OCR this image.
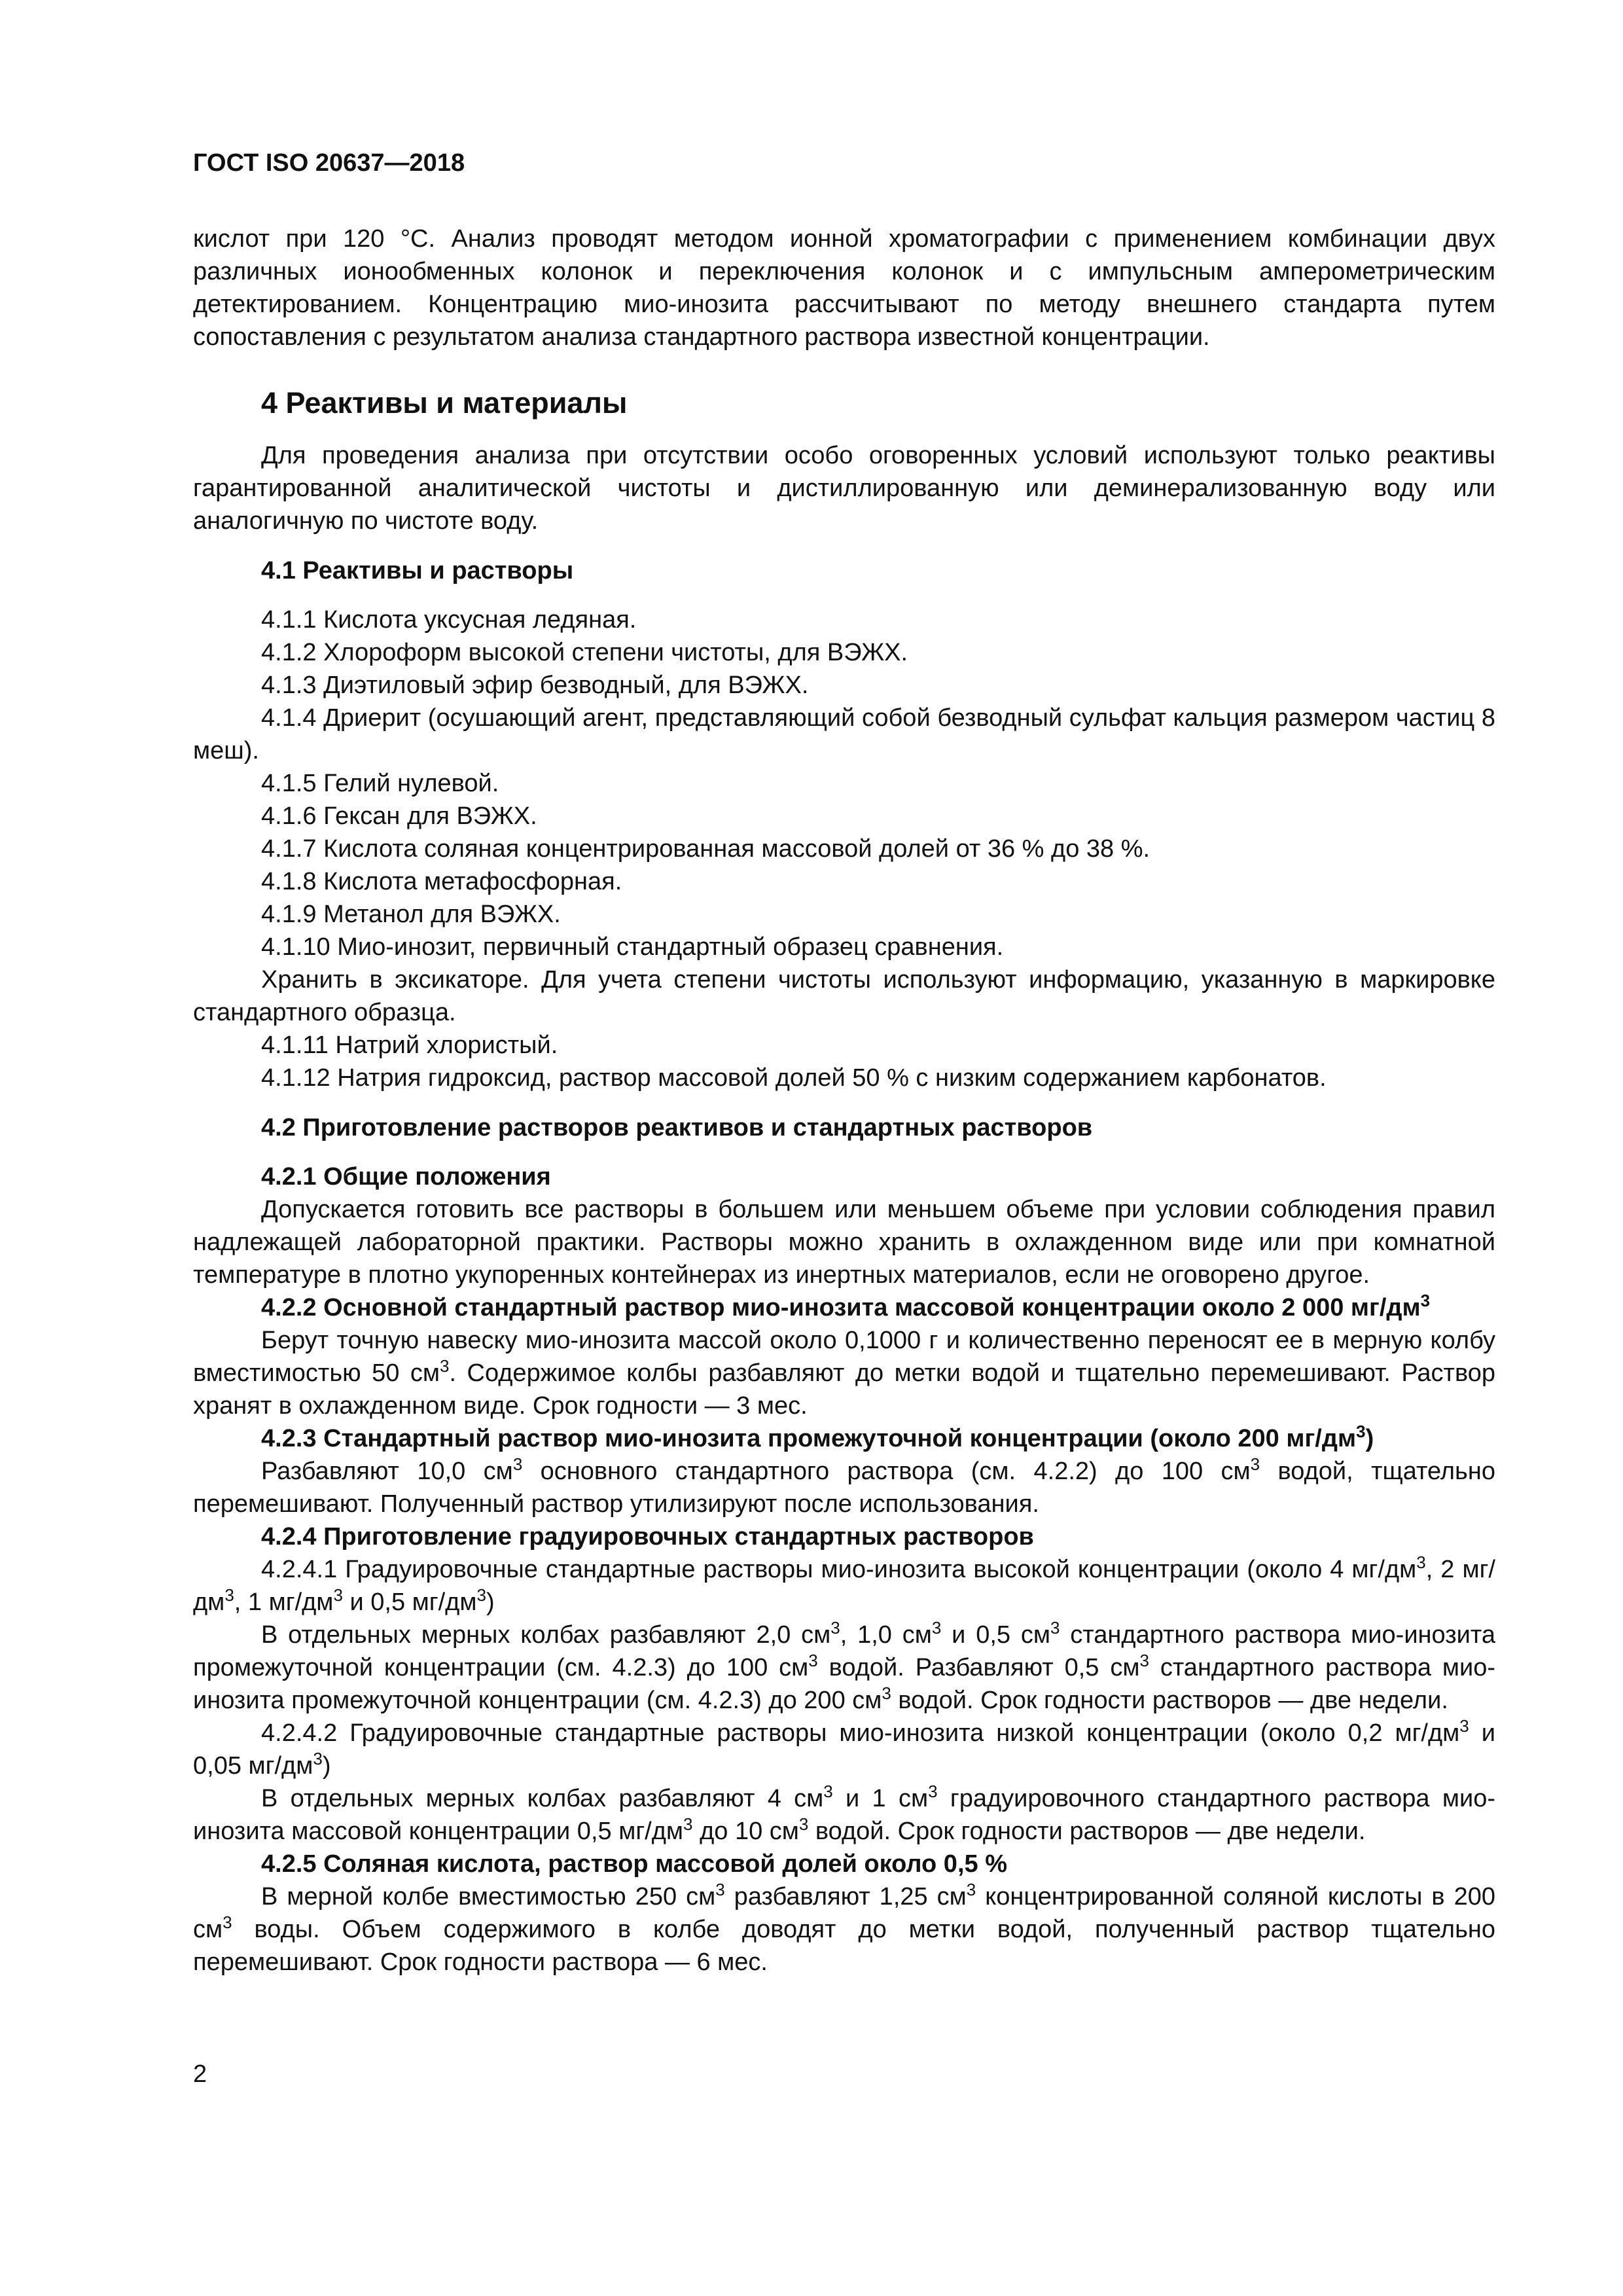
ГОСТ ISO 20637—2018

кислот при 120 °С. Анализ проводят методом ионной хроматографии с применением комбинации двух различных ионообменных колонок и переключения колонок и с импульсным амперометрическим детектированием. Концентрацию мио-инозита рассчитывают по методу внешнего стандарта путем сопоставления с результатом анализа стандартного раствора известной концентрации.

4 Реактивы и материалы

Для проведения анализа при отсутствии особо оговоренных условий используют только реактивы гарантированной аналитической чистоты и дистиллированную или деминерализованную воду или аналогичную по чистоте воду.

4.1 Реактивы и растворы

4.1.1 Кислота уксусная ледяная.

4.1.2 Хлороформ высокой степени чистоты, для ВЭЖХ.

4.1.3 Диэтиловый эфир безводный, для ВЭЖХ.

4.1.4 Дриерит (осушающий агент, представляющий собой безводный сульфат кальция размером частиц 8 меш).

4.1.5 Гелий нулевой.

4.1.6 Гексан для ВЭЖХ.

4.1.7 Кислота соляная концентрированная массовой долей от 36 % до 38 %.

4.1.8 Кислота метафосфорная.

4.1.9 Метанол для ВЭЖХ.

4.1.10 Мио-инозит, первичный стандартный образец сравнения.

Хранить в эксикаторе. Для учета степени чистоты используют информацию, указанную в маркировке стандартного образца.

4.1.11 Натрий хлористый.

4.1.12 Натрия гидроксид, раствор массовой долей 50 % с низким содержанием карбонатов.

4.2 Приготовление растворов реактивов и стандартных растворов

4.2.1 Общие положения

Допускается готовить все растворы в большем или меньшем объеме при условии соблюдения правил надлежащей лабораторной практики. Растворы можно хранить в охлажденном виде или при комнатной температуре в плотно укупоренных контейнерах из инертных материалов, если не оговорено другое.

4.2.2 Основной стандартный раствор мио-инозита массовой концентрации около 2 000 $мг/дм^3$

Берут точную навеску мио-инозита массой около 0,1000 г и количественно переносят ее в мерную колбу вместимостью 50 $см^3$. Содержимое колбы разбавляют до метки водой и тщательно перемешивают. Раствор хранят в охлажденном виде. Срок годности — 3 мес.

4.2.3 Стандартный раствор мио-инозита промежуточной концентрации (около 200 $мг/дм^3$)

Разбавляют 10,0 $см^3$ основного стандартного раствора (см. 4.2.2) до 100 $см^3$ водой, тщательно перемешивают. Полученный раствор утилизируют после использования.

4.2.4 Приготовление градуировочных стандартных растворов

4.2.4.1 Градуировочные стандартные растворы мио-инозита высокой концентрации (около 4 $мг/дм^3$, 2 $мг/дм^3$, 1 $мг/дм^3$ и 0,5 $мг/дм^3$)

В отдельных мерных колбах разбавляют 2,0 $см^3$, 1,0 $см^3$ и 0,5 $см^3$ стандартного раствора мио-инозита промежуточной концентрации (см. 4.2.3) до 100 $см^3$ водой. Разбавляют 0,5 $см^3$ стандартного раствора мио-инозита промежуточной концентрации (см. 4.2.3) до 200 $см^3$ водой. Срок годности растворов — две недели.

4.2.4.2 Градуировочные стандартные растворы мио-инозита низкой концентрации (около 0,2 $мг/дм^3$ и 0,05 $мг/дм^3$)

В отдельных мерных колбах разбавляют 4 $см^3$ и 1 $см^3$ градуировочного стандартного раствора мио-инозита массовой концентрации 0,5 $мг/дм^3$ до 10 $см^3$ водой. Срок годности растворов — две недели.

4.2.5 Соляная кислота, раствор массовой долей около 0,5 %

В мерной колбе вместимостью 250 $см^3$ разбавляют 1,25 $см^3$ концентрированной соляной кислоты в 200 $см^3$ воды. Объем содержимого в колбе доводят до метки водой, полученный раствор тщательно перемешивают. Срок годности раствора — 6 мес.

2
